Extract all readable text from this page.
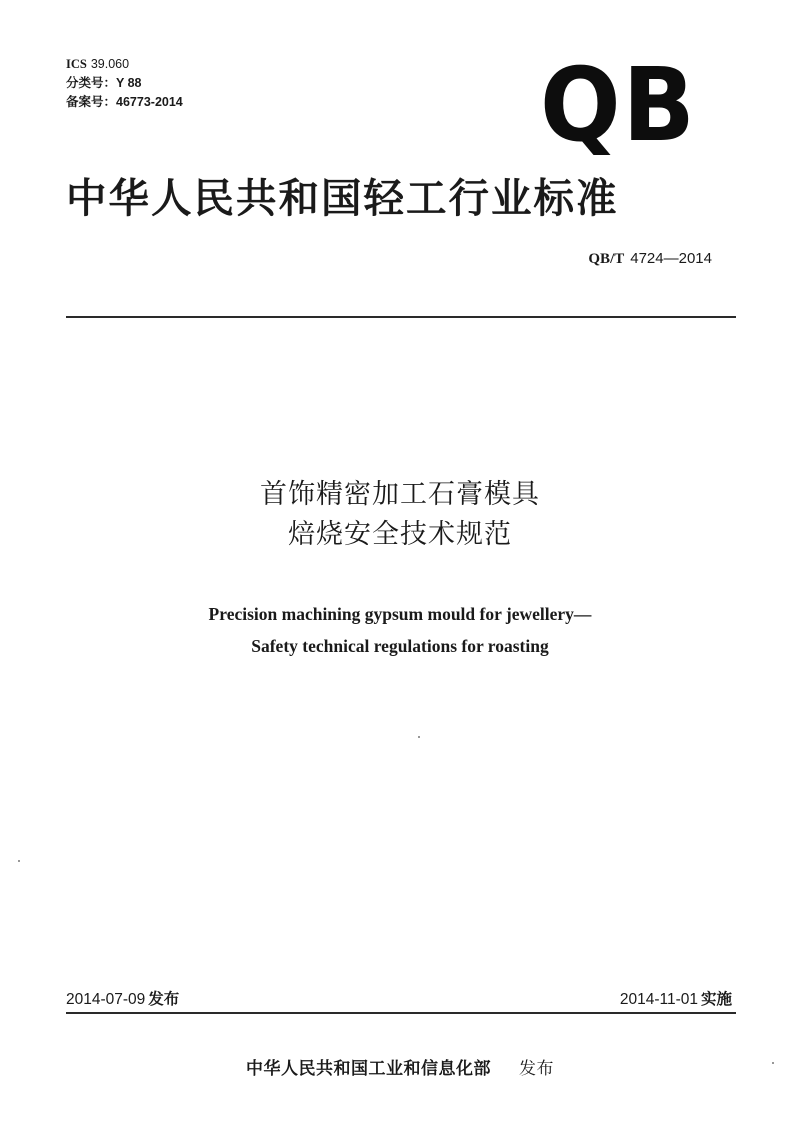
ICS 39.060
分类号：Y 88
备案号：46773-2014	QB
中华人民共和国轻工行业标准
QB/T 4724—2014
首饰精密加工石膏模具
焙烧安全技术规范
Precision machining gypsum mould for jewellery—
Safety technical regulations for roasting
2014-07-09 发布	2014-11-01 实施
中华人民共和国工业和信息化部 发布
